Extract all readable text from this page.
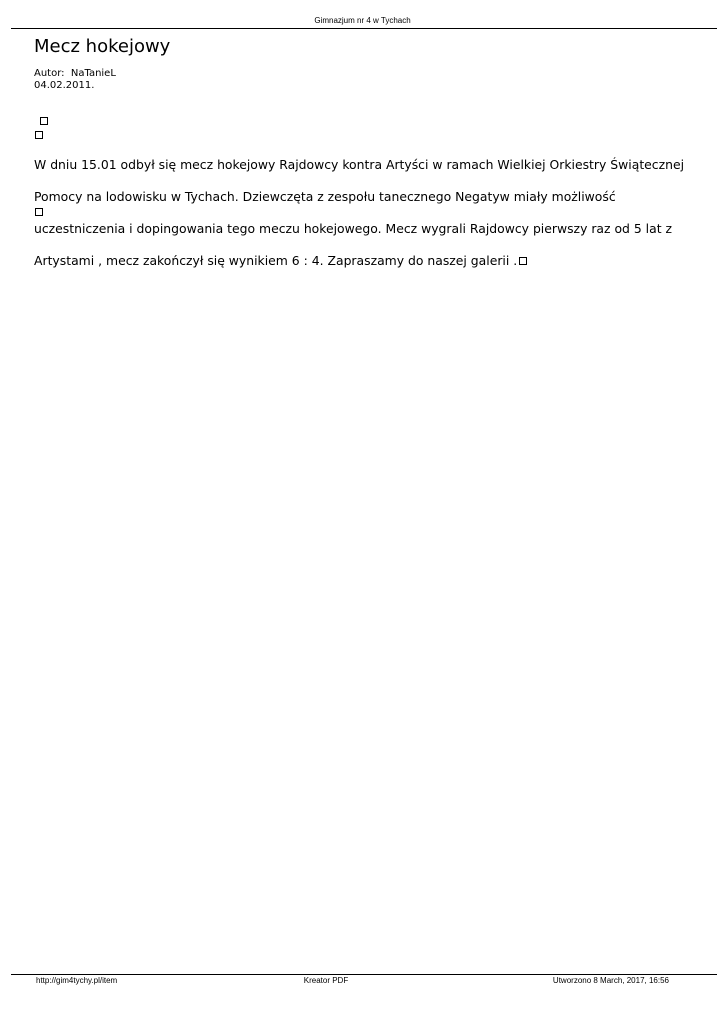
Gimnazjum nr 4 w Tychach
Mecz hokejowy
Autor:  NaTanieL
04.02.2011.

W dniu 15.01 odbył się mecz hokejowy Rajdowcy kontra Artyści w ramach Wielkiej Orkiestry Świątecznej

Pomocy na lodowisku w Tychach. Dziewczęta z zespołu tanecznego Negatyw miały możliwość

uczestniczenia i dopingowania tego meczu hokejowego. Mecz wygrali Rajdowcy pierwszy raz od 5 lat z

Artystami , mecz zakończył się wynikiem 6 : 4. Zapraszamy do naszej galerii .

http://gim4tychy.pl/item	Kreator PDF	Utworzono 8 March, 2017, 16:56
